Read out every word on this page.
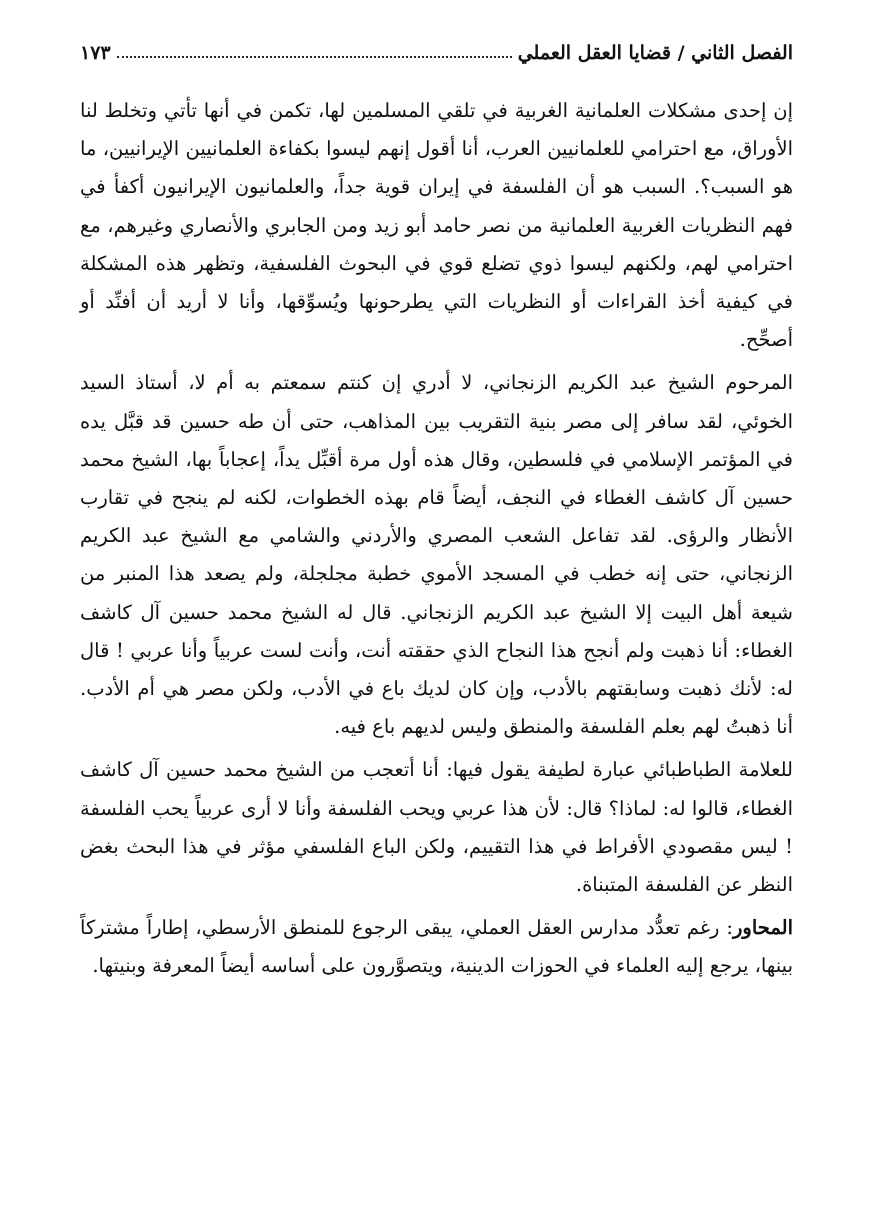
الفصل الثاني / قضايا العقل العملي
١٧٣

إن إحدى مشكلات العلمانية الغربية في تلقي المسلمين لها، تكمن في أنها تأتي وتخلط لنا الأوراق، مع احترامي للعلمانيين العرب، أنا أقول إنهم ليسوا بكفاءة العلمانيين الإيرانيين، ما هو السبب؟. السبب هو أن الفلسفة في إيران قوية جداً، والعلمانيون الإيرانيون أكفأ في فهم النظريات الغربية العلمانية من نصر حامد أبو زيد ومن الجابري والأنصاري وغيرهم، مع احترامي لهم، ولكنهم ليسوا ذوي تضلع قوي في البحوث الفلسفية، وتظهر هذه المشكلة في كيفية أخذ القراءات أو النظريات التي يطرحونها ويُسوِّقها، وأنا لا أريد أن أفنِّد أو أصحِّح.

المرحوم الشيخ عبد الكريم الزنجاني، لا أدري إن كنتم سمعتم به أم لا، أستاذ السيد الخوئي، لقد سافر إلى مصر بنية التقريب بين المذاهب، حتى أن طه حسين قد قبَّل يده في المؤتمر الإسلامي في فلسطين، وقال هذه أول مرة أقبِّل يداً، إعجاباً بها، الشيخ محمد حسين آل كاشف الغطاء في النجف، أيضاً قام بهذه الخطوات، لكنه لم ينجح في تقارب الأنظار والرؤى. لقد تفاعل الشعب المصري والأردني والشامي مع الشيخ عبد الكريم الزنجاني، حتى إنه خطب في المسجد الأموي خطبة مجلجلة، ولم يصعد هذا المنبر من شيعة أهل البيت إلا الشيخ عبد الكريم الزنجاني. قال له الشيخ محمد حسين آل كاشف الغطاء: أنا ذهبت ولم أنجح هذا النجاح الذي حققته أنت، وأنت لست عربياً وأنا عربي ! قال له: لأنك ذهبت وسابقتهم بالأدب، وإن كان لديك باع في الأدب، ولكن مصر هي أم الأدب. أنا ذهبتُ لهم بعلم الفلسفة والمنطق وليس لديهم باع فيه.

للعلامة الطباطبائي عبارة لطيفة يقول فيها: أنا أتعجب من الشيخ محمد حسين آل كاشف الغطاء، قالوا له: لماذا؟ قال: لأن هذا عربي ويحب الفلسفة وأنا لا أرى عربياً يحب الفلسفة ! ليس مقصودي الأفراط في هذا التقييم، ولكن الباع الفلسفي مؤثر في هذا البحث بغض النظر عن الفلسفة المتبناة.

المحاور: رغم تعدُّد مدارس العقل العملي، يبقى الرجوع للمنطق الأرسطي، إطاراً مشتركاً بينها، يرجع إليه العلماء في الحوزات الدينية، ويتصوَّرون على أساسه أيضاً المعرفة وبنيتها.
